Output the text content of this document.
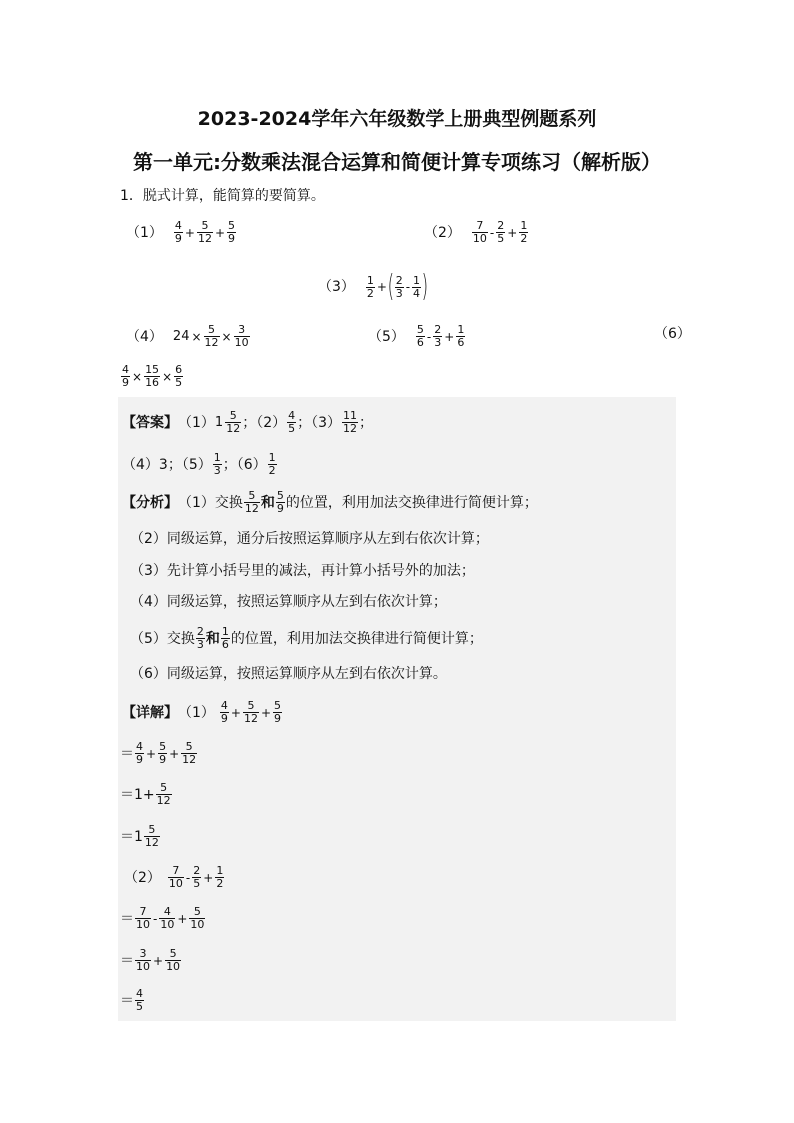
2023-2024学年六年级数学上册典型例题系列
第一单元:分数乘法混合运算和简便计算专项练习（解析版）
1．脱式计算，能简算的要简算。
$(1) \frac{4}{9} + \frac{5}{12} + \frac{5}{9}$	$(2) \frac{7}{10} - \frac{2}{5} + \frac{1}{2}$
$(3) \frac{1}{2}$ + ( $\frac{2}{3} - \frac{1}{4}$ )
（4） $24 \times \frac{5}{12} \times \frac{3}{10}$	$(5) \frac{5}{6} - \frac{2}{3} + \frac{1}{6}$	（6）
$\frac{4}{9} \times \frac{15}{16} \times \frac{6}{5}$
【答案】 （1） $1 \frac{5}{12}$ ；$(2) \frac{4}{5}$ ；$(3) \frac{11}{12}$ ；
（4）3；$(5) \frac{1}{3}$ ；$(6) \frac{1}{2}$
【分析】 （1）交换 $\frac{5}{12}$ 和 $\frac{5}{9}$ 的位置，利用加法交换律进行简便计算；
（2）同级运算，通分后按照运算顺序从左到右依次计算；
（3）先计算小括号里的减法，再计算小括号外的加法；
（4）同级运算，按照运算顺序从左到右依次计算；
（5）交换 $\frac{2}{3}$ 和 $\frac{1}{6}$ 的位置，利用加法交换律进行简便计算；
（6）同级运算，按照运算顺序从左到右依次计算。
【详解】 $(1) \frac{4}{9} + \frac{5}{12} + \frac{5}{9}$
＝ $\frac{4}{9} + \frac{5}{9} + \frac{5}{12}$
$=1+ \frac{5}{12}$
$=1 \frac{5}{12}$
$(2) \frac{7}{10} - \frac{2}{5} + \frac{1}{2}$
＝ $\frac{7}{10} - \frac{4}{10} + \frac{5}{10}$
＝ $\frac{3}{10} + \frac{5}{10}$
＝ $\frac{4}{5}$
